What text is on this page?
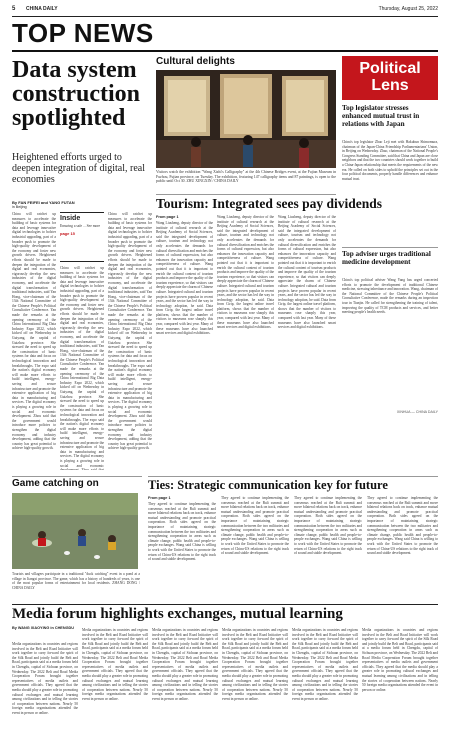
5 CHINA DAILY	Thursday, August 25, 2022
TOP NEWS
Data system construction spotlighted
Heightened efforts urged to deepen integration of digital, real economies
By FAN FEIFEI and YANG FUTAN
in Beijing
China will ratchet up measures to accelerate the building of basic systems for data and leverage innovative digital technologies to bolster industrial upgrading, part of a broader push to promote the high-quality development of the economy and foster new growth drivers. Heightened efforts should be made to deepen the integration of the digital and real economies, vigorously develop the new industries of the digital economy, and accelerate the digital transformation of traditional industries, said Yan Hong, vice-chairman of the 13th National Committee of the Chinese People's Political Consultative Conference. Yan made the remarks at the opening ceremony of the China International Big Data Industry Expo 2022, which kicked off on Wednesday in Guiyang, the capital of Guizhou province. She stressed the need to speed up the construction of basic systems for data and focus on technological innovation and breakthroughs. The expo said the nation's digital economy will make more efforts to build intelligent, energy-saving and secure infrastructure and promote the extensive application of big data in manufacturing and services. The digital economy is playing a growing role in social and economic development. Zhou said that the government would introduce more policies to strengthen the digital economy and industry development, adding that the country has great potential to achieve high-quality growth.
Inside
Ensuring a safe ... See more
page 15
China will ratchet up measures to accelerate the building of basic systems for data and leverage innovative digital technologies to bolster industrial upgrading, part of a broader push to promote the high-quality development of the economy and foster new growth drivers. Heightened efforts should be made to deepen the integration of the digital and real economies, vigorously develop the new industries of the digital economy, and accelerate the digital transformation of traditional industries, said Yan Hong, vice-chairman of the 13th National Committee of the Chinese People's Political Consultative Conference. Yan made the remarks at the opening ceremony of the China International Big Data Industry Expo 2022, which kicked off on Wednesday in Guiyang, the capital of Guizhou province. She stressed the need to speed up the construction of basic systems for data and focus on technological innovation and breakthroughs. The expo said the nation's digital economy will make more efforts to build intelligent, energy-saving and secure infrastructure and promote the extensive application of big data in manufacturing and services. The digital economy is playing a growing role in social and economic
China will ratchet up measures to accelerate the building of basic systems for data and leverage innovative digital technologies to bolster industrial upgrading, part of a broader push to promote the high-quality development of the economy and foster new growth drivers. Heightened efforts should be made to deepen the integration of the digital and real economies, vigorously develop the new industries of the digital economy, and accelerate the digital transformation of traditional industries, said Yan Hong, vice-chairman of the 13th National Committee of the Chinese People's Political Consultative Conference. Yan made the remarks at the opening ceremony of the China International Big Data Industry Expo 2022, which kicked off on Wednesday in Guiyang, the capital of Guizhou province. She stressed the need to speed up the construction of basic systems for data and focus on technological innovation and breakthroughs. The expo said the nation's digital economy will make more efforts to build intelligent, energy-saving and secure infrastructure and promote the extensive application of big data in manufacturing and services. The digital economy is playing a growing role in social and economic development. Zhou said that the government would introduce more policies to strengthen the digital economy and industry development, adding that the country has great potential to achieve high-quality growth.
Cultural delights
Visitors watch the exhibition "Wang Xizhi's Calligraphy" at the 4th Chinese Bridges event, at the Fujian Museum in Fuzhou, Fujian province, on Tuesday. The exhibition, featuring 147 calligraphy items and 87 paintings, is open to the public until Oct 30. ZHU XINGXIN / CHINA DAILY
Tourism: Integrated sees pay dividends
From page 1
Wang Liusheng, deputy director of the institute of cultural research at the Beijing Academy of Social Sciences, said the integrated development of culture, tourism and technology not only accelerates the demands for cultural diversification and enriches the forms of cultural expression, but also enhances the innovation capacity and competitiveness of culture. Wang pointed out that it is important to enrich the cultural content of tourism products and improve the quality of the tourism experience, so that visitors can deeply appreciate the charm of Chinese culture. Integrated cultural and tourism projects have proven popular in recent years, and the sector has led the way in technology adoption, he said. Data from Ctrip, the largest online travel platform, shows that the number of visitors to museums rose sharply this year, compared with last year. Many of these museums have also launched smart services and digital exhibitions.
Wang Liusheng, deputy director of the institute of cultural research at the Beijing Academy of Social Sciences, said the integrated development of culture, tourism and technology not only accelerates the demands for cultural diversification and enriches the forms of cultural expression, but also enhances the innovation capacity and competitiveness of culture. Wang pointed out that it is important to enrich the cultural content of tourism products and improve the quality of the tourism experience, so that visitors can deeply appreciate the charm of Chinese culture. Integrated cultural and tourism projects have proven popular in recent years, and the sector has led the way in technology adoption, he said. Data from Ctrip, the largest online travel platform, shows that the number of visitors to museums rose sharply this year, compared with last year. Many of these museums have also launched smart services and digital exhibitions.
Wang Liusheng, deputy director of the institute of cultural research at the Beijing Academy of Social Sciences, said the integrated development of culture, tourism and technology not only accelerates the demands for cultural diversification and enriches the forms of cultural expression, but also enhances the innovation capacity and competitiveness of culture. Wang pointed out that it is important to enrich the cultural content of tourism products and improve the quality of the tourism experience, so that visitors can deeply appreciate the charm of Chinese culture. Integrated cultural and tourism projects have proven popular in recent years, and the sector has led the way in technology adoption, he said. Data from Ctrip, the largest online travel platform, shows that the number of visitors to museums rose sharply this year, compared with last year. Many of these museums have also launched smart services and digital exhibitions.
Political
Lens
Top legislator stresses enhanced mutual trust in relations with Japan
China's top legislator Zhao Leji met with Hakubun Shimomura, chairman of the Japan-China Friendship Parliamentarians' Union, in Beijing on Wednesday. Zhao, chairman of the National People's Congress Standing Committee, said that China and Japan are close neighbors and that the two countries should work together to build a China-Japan relationship that meets the requirements of the new era. He called on both sides to uphold the principles set out in the four political documents, properly handle differences and enhance mutual trust.
Top adviser urges traditional medicine development
China's top political adviser Wang Yang has urged concerted efforts to promote the development of traditional Chinese medicine, stressing inheritance and innovation. Wang, chairman of the National Committee of the Chinese People's Political Consultative Conference, made the remarks during an inspection tour in Tianjin. He called for strengthening the training of talent, improving the quality of TCM products and services, and better meeting people's health needs.
Game catching on
Tourists and villagers participate in a traditional "duck catching" event in a pond at a village in Jiangxi province. The game, which has a history of hundreds of years, is one of the most popular forms of entertainment for local residents. ZHANG DONG / CHINA DAILY
Ties: Strategic communication key for future
From page 1
They agreed to continue implementing the consensus reached at the Bali summit and move bilateral relations back on track, enhance mutual understanding and promote practical cooperation. Both sides agreed on the importance of maintaining strategic communication between the two militaries and strengthening cooperation in areas such as climate change, public health and people-to-people exchanges. Wang said China is willing to work with the United States to promote the return of China-US relations to the right track of sound and stable development.
They agreed to continue implementing the consensus reached at the Bali summit and move bilateral relations back on track, enhance mutual understanding and promote practical cooperation. Both sides agreed on the importance of maintaining strategic communication between the two militaries and strengthening cooperation in areas such as climate change, public health and people-to-people exchanges. Wang said China is willing to work with the United States to promote the return of China-US relations to the right track of sound and stable development.
They agreed to continue implementing the consensus reached at the Bali summit and move bilateral relations back on track, enhance mutual understanding and promote practical cooperation. Both sides agreed on the importance of maintaining strategic communication between the two militaries and strengthening cooperation in areas such as climate change, public health and people-to-people exchanges. Wang said China is willing to work with the United States to promote the return of China-US relations to the right track of sound and stable development.
They agreed to continue implementing the consensus reached at the Bali summit and move bilateral relations back on track, enhance mutual understanding and promote practical cooperation. Both sides agreed on the importance of maintaining strategic communication between the two militaries and strengthening cooperation in areas such as climate change, public health and people-to-people exchanges. Wang said China is willing to work with the United States to promote the return of China-US relations to the right track of sound and stable development.
Media forum highlights exchanges, mutual learning
By WANG XIAOYING in CHENGDU
Media organizations in countries and regions involved in the Belt and Road Initiative will work together to carry forward the spirit of the Silk Road and jointly build the Belt and Road, participants said at a media forum held in Chengdu, capital of Sichuan province, on Wednesday. The 2022 Belt and Road Media Cooperation Forum brought together representatives of media outlets and government officials. They agreed that the media should play a greater role in promoting cultural exchanges and mutual learning among civilizations and in telling the stories of cooperation between nations. Nearly 50 foreign media organizations attended the event in person or online.
Media organizations in countries and regions involved in the Belt and Road Initiative will work together to carry forward the spirit of the Silk Road and jointly build the Belt and Road, participants said at a media forum held in Chengdu, capital of Sichuan province, on Wednesday. The 2022 Belt and Road Media Cooperation Forum brought together representatives of media outlets and government officials. They agreed that the media should play a greater role in promoting cultural exchanges and mutual learning among civilizations and in telling the stories of cooperation between nations. Nearly 50 foreign media organizations attended the event in person or online.
Media organizations in countries and regions involved in the Belt and Road Initiative will work together to carry forward the spirit of the Silk Road and jointly build the Belt and Road, participants said at a media forum held in Chengdu, capital of Sichuan province, on Wednesday. The 2022 Belt and Road Media Cooperation Forum brought together representatives of media outlets and government officials. They agreed that the media should play a greater role in promoting cultural exchanges and mutual learning among civilizations and in telling the stories of cooperation between nations. Nearly 50 foreign media organizations attended the event in person or online.
Media organizations in countries and regions involved in the Belt and Road Initiative will work together to carry forward the spirit of the Silk Road and jointly build the Belt and Road, participants said at a media forum held in Chengdu, capital of Sichuan province, on Wednesday. The 2022 Belt and Road Media Cooperation Forum brought together representatives of media outlets and government officials. They agreed that the media should play a greater role in promoting cultural exchanges and mutual learning among civilizations and in telling the stories of cooperation between nations. Nearly 50 foreign media organizations attended the event in person or online.
Media organizations in countries and regions involved in the Belt and Road Initiative will work together to carry forward the spirit of the Silk Road and jointly build the Belt and Road, participants said at a media forum held in Chengdu, capital of Sichuan province, on Wednesday. The 2022 Belt and Road Media Cooperation Forum brought together representatives of media outlets and government officials. They agreed that the media should play a greater role in promoting cultural exchanges and mutual learning among civilizations and in telling the stories of cooperation between nations. Nearly 50 foreign media organizations attended the event in person or online.
Media organizations in countries and regions involved in the Belt and Road Initiative will work together to carry forward the spirit of the Silk Road and jointly build the Belt and Road, participants said at a media forum held in Chengdu, capital of Sichuan province, on Wednesday. The 2022 Belt and Road Media Cooperation Forum brought together representatives of media outlets and government officials. They agreed that the media should play a greater role in promoting cultural exchanges and mutual learning among civilizations and in telling the stories of cooperation between nations. Nearly 50 foreign media organizations attended the event in person or online.
XINHUA — CHINA DAILY
